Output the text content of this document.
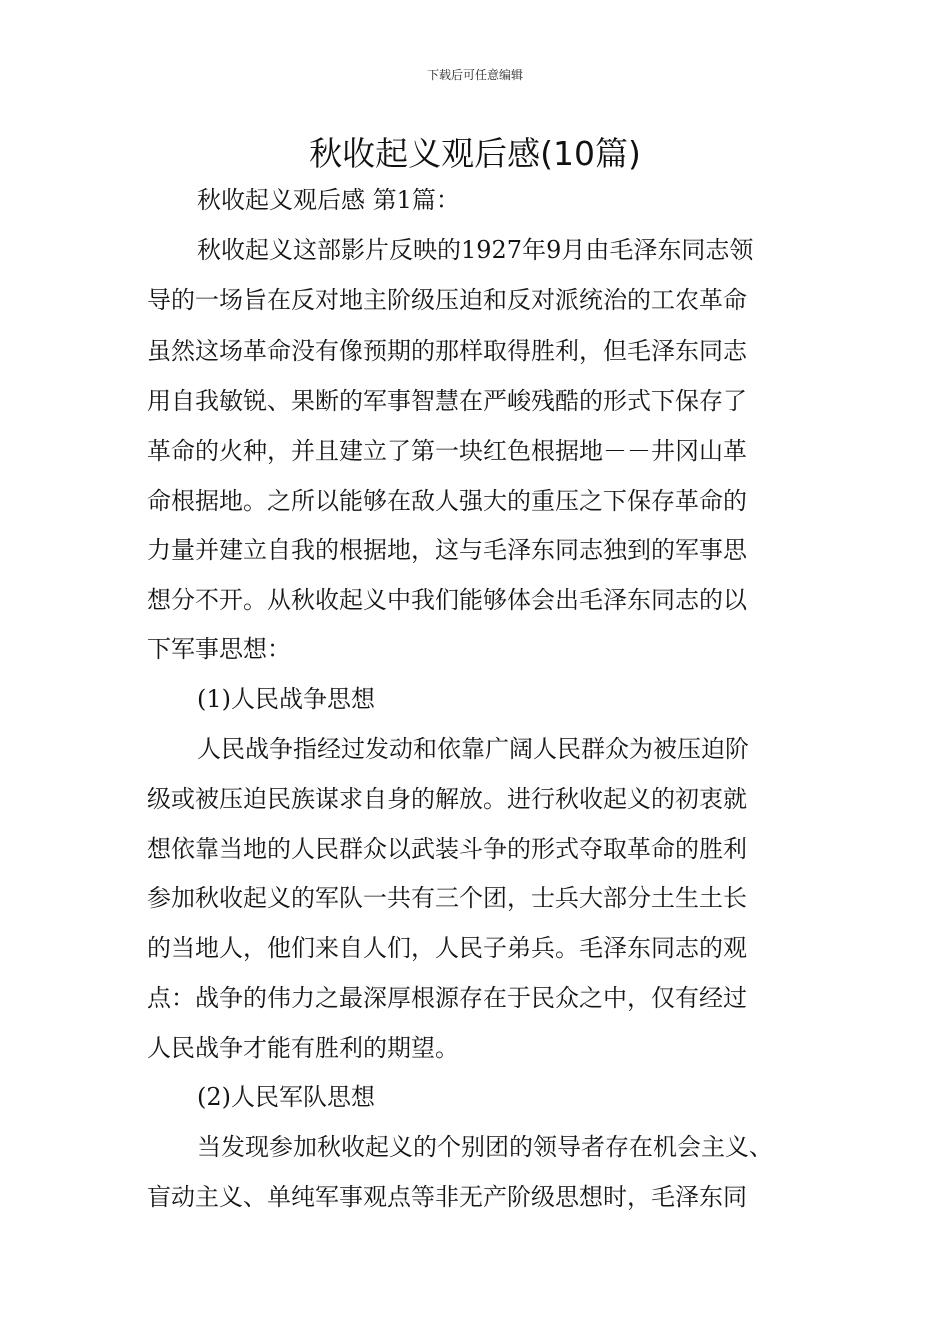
下载后可任意编辑
秋收起义观后感(10篇)
秋收起义观后感 第1篇：
秋收起义这部影片反映的1927年9月由毛泽东同志领
导的一场旨在反对地主阶级压迫和反对派统治的工农革命
虽然这场革命没有像预期的那样取得胜利，但毛泽东同志
用自我敏锐、果断的军事智慧在严峻残酷的形式下保存了
革命的火种，并且建立了第一块红色根据地－－井冈山革
命根据地。之所以能够在敌人强大的重压之下保存革命的
力量并建立自我的根据地，这与毛泽东同志独到的军事思
想分不开。从秋收起义中我们能够体会出毛泽东同志的以
下军事思想：
(1)人民战争思想
人民战争指经过发动和依靠广阔人民群众为被压迫阶
级或被压迫民族谋求自身的解放。进行秋收起义的初衷就
想依靠当地的人民群众以武装斗争的形式夺取革命的胜利
参加秋收起义的军队一共有三个团，士兵大部分土生土长
的当地人，他们来自人们，人民子弟兵。毛泽东同志的观
点：战争的伟力之最深厚根源存在于民众之中，仅有经过
人民战争才能有胜利的期望。
(2)人民军队思想
当发现参加秋收起义的个别团的领导者存在机会主义、
盲动主义、单纯军事观点等非无产阶级思想时，毛泽东同
